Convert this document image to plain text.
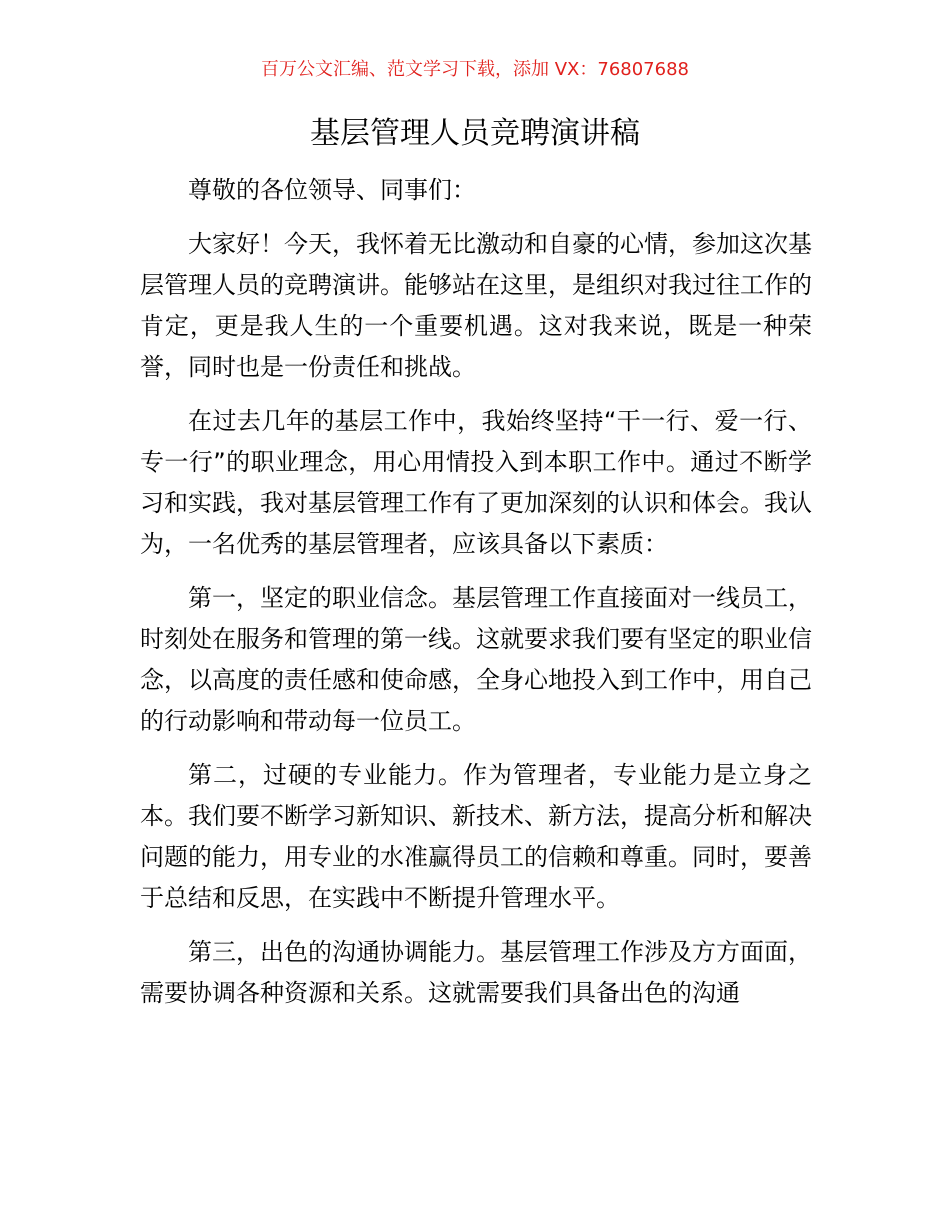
百万公文汇编、范文学习下载，添加 VX：76807688
基层管理人员竞聘演讲稿

尊敬的各位领导、同事们：

大家好！今天，我怀着无比激动和自豪的心情，参加这次基层管理人员的竞聘演讲。能够站在这里，是组织对我过往工作的肯定，更是我人生的一个重要机遇。这对我来说，既是一种荣誉，同时也是一份责任和挑战。

在过去几年的基层工作中，我始终坚持“干一行、爱一行、专一行”的职业理念，用心用情投入到本职工作中。通过不断学习和实践，我对基层管理工作有了更加深刻的认识和体会。我认为，一名优秀的基层管理者，应该具备以下素质：

第一，坚定的职业信念。基层管理工作直接面对一线员工，时刻处在服务和管理的第一线。这就要求我们要有坚定的职业信念，以高度的责任感和使命感，全身心地投入到工作中，用自己的行动影响和带动每一位员工。

第二，过硬的专业能力。作为管理者，专业能力是立身之本。我们要不断学习新知识、新技术、新方法，提高分析和解决问题的能力，用专业的水准赢得员工的信赖和尊重。同时，要善于总结和反思，在实践中不断提升管理水平。

第三，出色的沟通协调能力。基层管理工作涉及方方面面，需要协调各种资源和关系。这就需要我们具备出色的沟通
